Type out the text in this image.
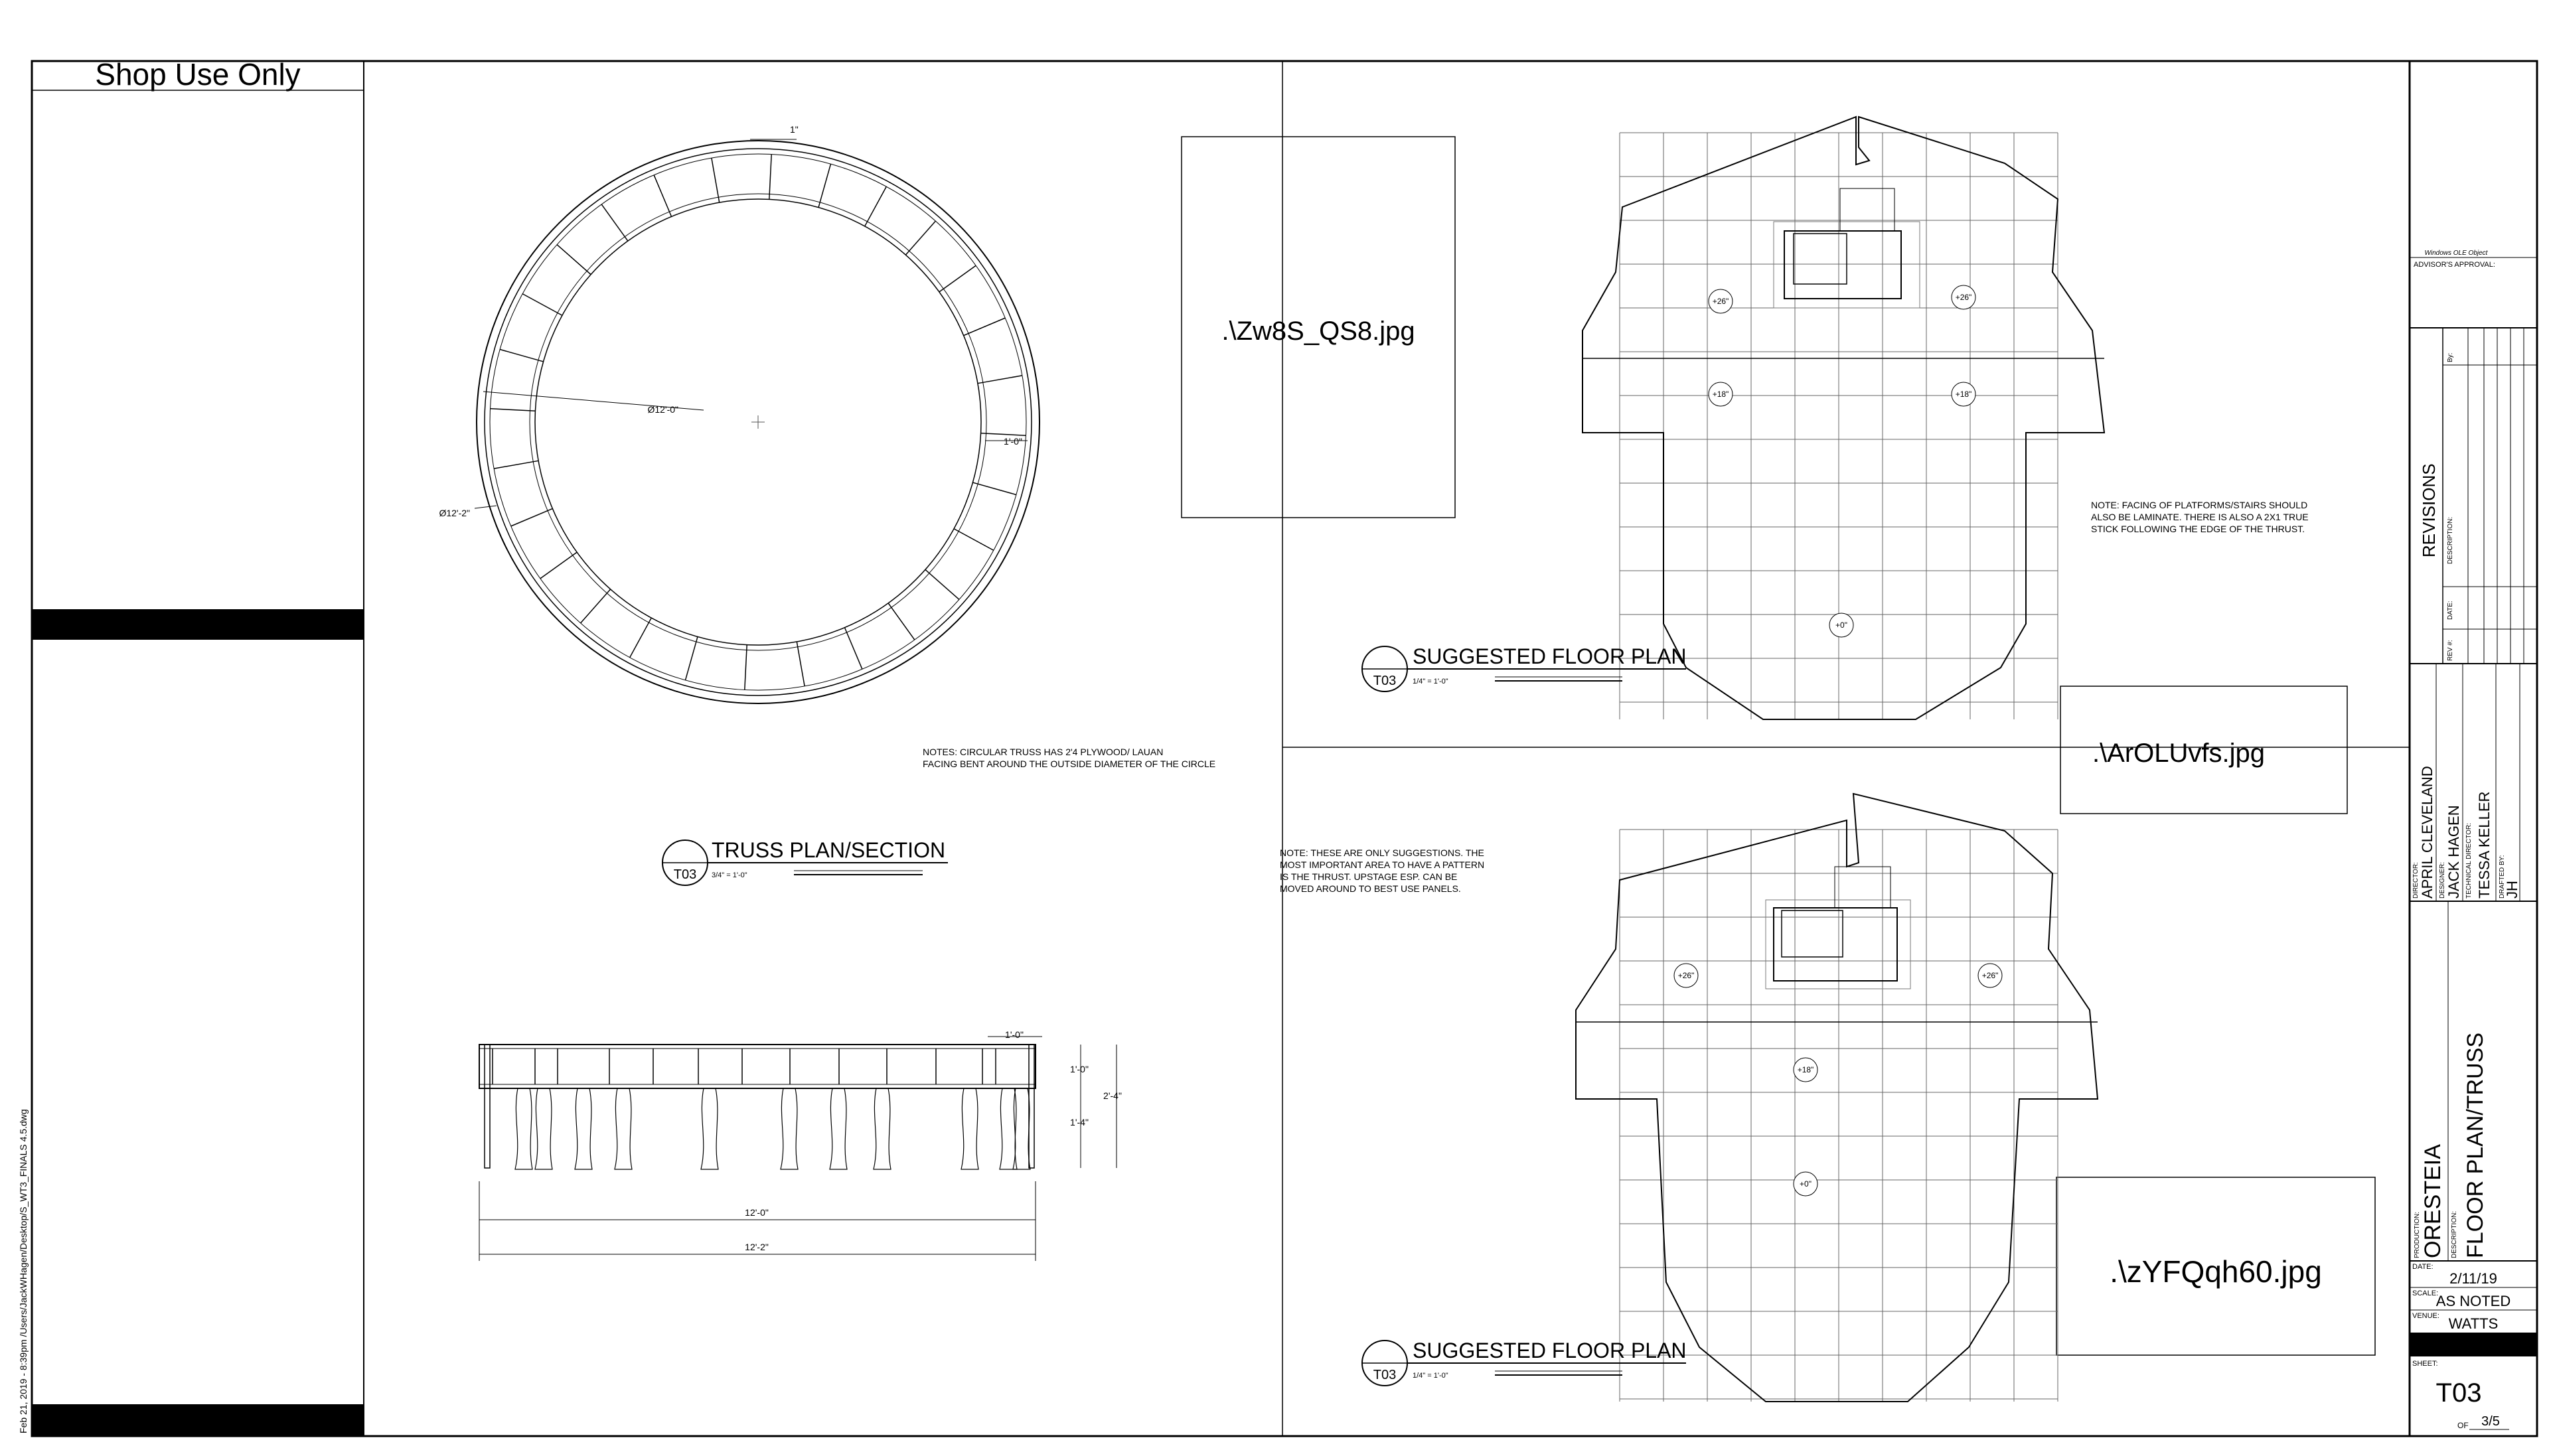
Shop Use Only
Feb 21, 2019 - 8:39pm /Users/JackWHagen/Desktop/S_WT3_FINALS 4.5.dwg
Ø12'-0"
Ø12'-2"
1'-0"
1"
NOTES: CIRCULAR TRUSS HAS 2'4 PLYWOOD/ LAUAN
FACING BENT AROUND THE OUTSIDE DIAMETER OF THE CIRCLE
TRUSS PLAN/SECTION
T03 3/4" = 1'-0"
1'-0"
1'-0"
2'-4"
1'-4"
12'-0"
12'-2"
.\Zw8S_QS8.jpg
.\ArOLUvfs.jpg
.\zYFQqh60.jpg
+26"	+26"
+18"	+18"
+0"
NOTE: FACING OF PLATFORMS/STAIRS SHOULD
ALSO BE LAMINATE. THERE IS ALSO A 2X1 TRUE
STICK FOLLOWING THE EDGE OF THE THRUST.
SUGGESTED FLOOR PLAN
T03 1/4" = 1'-0"
+26"	+26"
+18"
+0"
NOTE: THESE ARE ONLY SUGGESTIONS. THE
MOST IMPORTANT AREA TO HAVE A PATTERN
IS THE THRUST. UPSTAGE ESP. CAN BE
MOVED AROUND TO BEST USE PANELS.
SUGGESTED FLOOR PLAN
T03 1/4" = 1'-0"
Windows OLE Object
ADVISOR'S APPROVAL:
REVISIONS
By:
DESCRIPTION:
DATE:
REV #:
DIRECTOR: APRIL CLEVELAND DESIGNER: JACK HAGEN TECHNICAL DIRECTOR: TESSA KELLER DRAFTED BY:
JH
PRODUCTION: ORESTEIA DESCRIPTION: FLOOR PLAN/TRUSS
DATE:
2/11/19
SCALE:
AS NOTED
VENUE: WATTS
SHEET:
T03
OF 3/5
